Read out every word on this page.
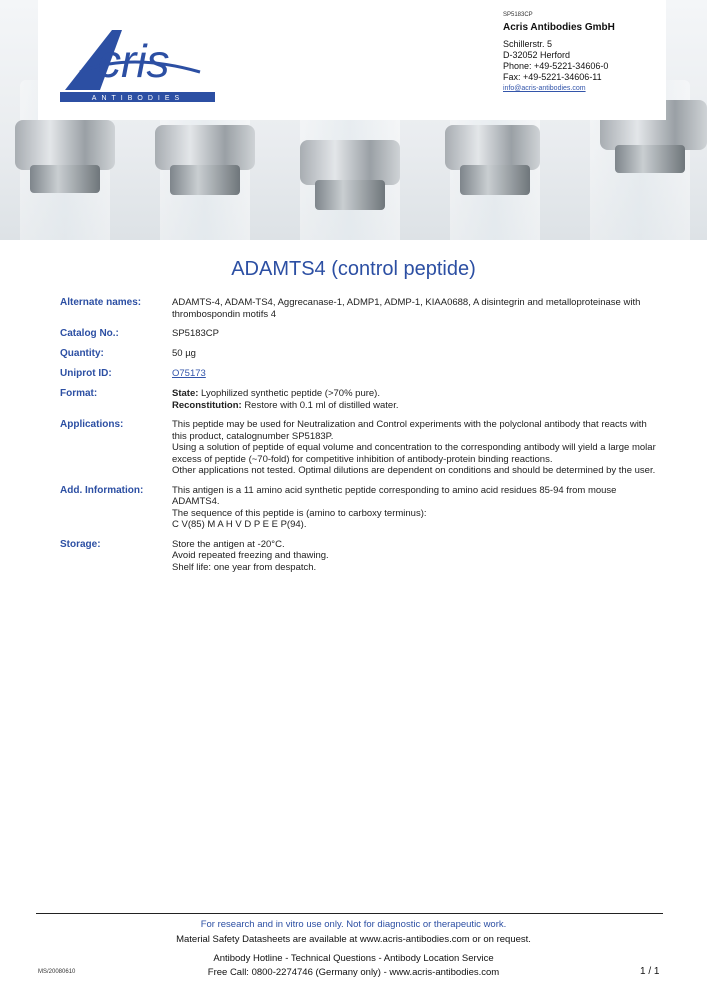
cris
ANTIBODIES
SP5183CP
Acris Antibodies GmbH
Schillerstr. 5
D-32052 Herford
Phone: +49-5221-34606-0
Fax: +49-5221-34606-11
info@acris-antibodies.com
ADAMTS4 (control peptide)
Alternate names:	ADAMTS-4, ADAM-TS4, Aggrecanase-1, ADMP1, ADMP-1, KIAA0688, A disintegrin and metalloproteinase with thrombospondin motifs 4
Catalog No.:	SP5183CP
Quantity:	50 µg
Uniprot ID:	O75173
Format:	State: Lyophilized synthetic peptide (>70% pure).
Reconstitution: Restore with 0.1 ml of distilled water.
Applications:	This peptide may be used for Neutralization and Control experiments with the polyclonal antibody that reacts with this product, catalognumber SP5183P.
Using a solution of peptide of equal volume and concentration to the corresponding antibody will yield a large molar excess of peptide (~70-fold) for competitive inhibition of antibody-protein binding reactions.
Other applications not tested. Optimal dilutions are dependent on conditions and should be determined by the user.
Add. Information:	This antigen is a 11 amino acid synthetic peptide corresponding to amino acid residues 85-94 from mouse ADAMTS4.
The sequence of this peptide is (amino to carboxy terminus):
C V(85) M A H V D P E E P(94).
Storage:	Store the antigen at -20°C.
Avoid repeated freezing and thawing.
Shelf life: one year from despatch.
For research and in vitro use only. Not for diagnostic or therapeutic work.
Material Safety Datasheets are available at www.acris-antibodies.com or on request.
Antibody Hotline - Technical Questions - Antibody Location Service
Free Call: 0800-2274746 (Germany only) - www.acris-antibodies.com
MS/20080610	1 / 1
